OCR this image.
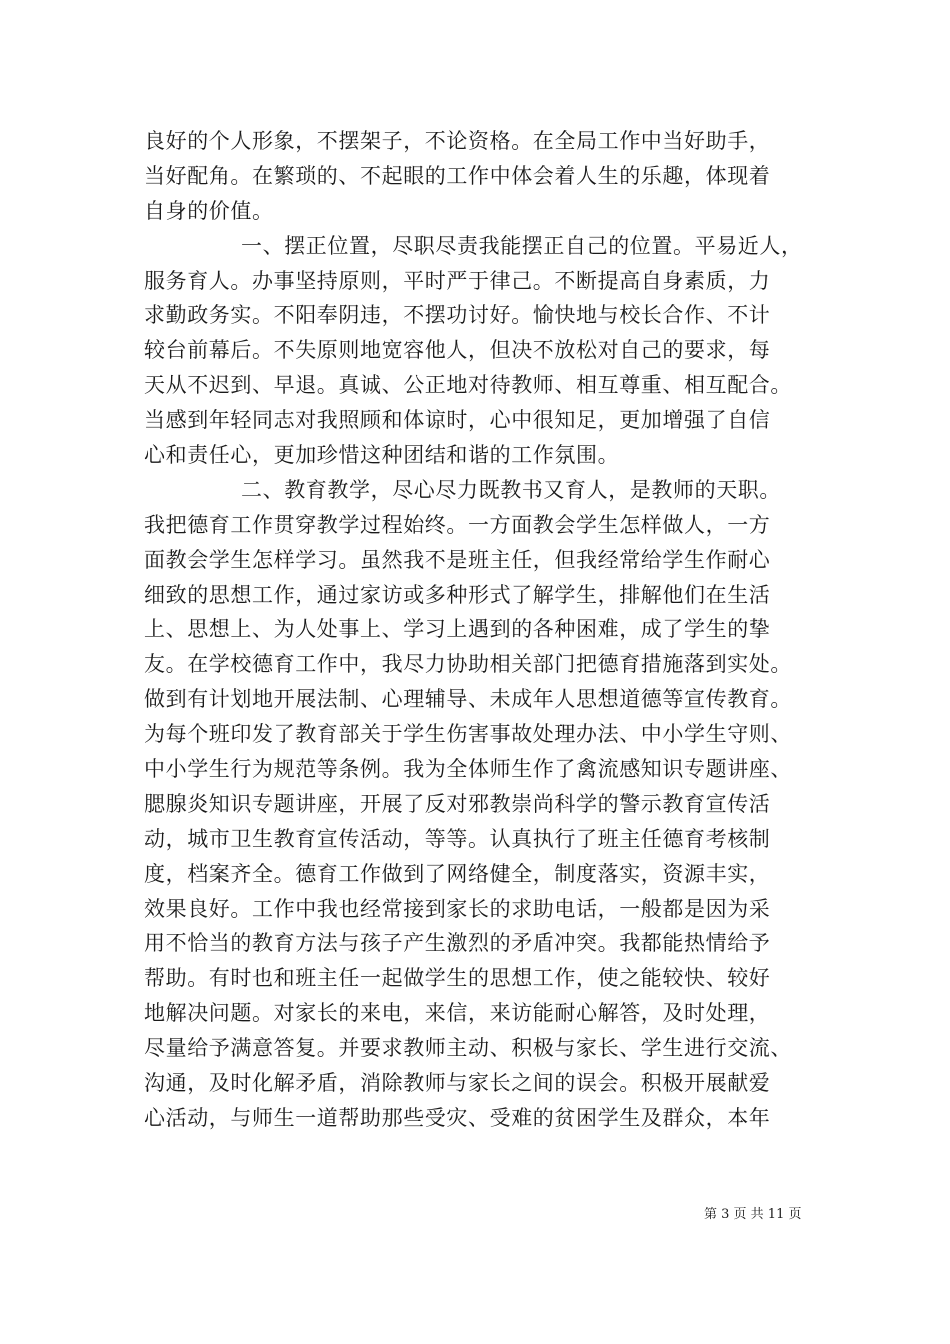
良好的个人形象，不摆架子，不论资格。在全局工作中当好助手，
当好配角。在繁琐的、不起眼的工作中体会着人生的乐趣，体现着
自身的价值。
一、摆正位置，尽职尽责我能摆正自己的位置。平易近人，
服务育人。办事坚持原则，平时严于律己。不断提高自身素质，力
求勤政务实。不阳奉阴违，不摆功讨好。愉快地与校长合作、不计
较台前幕后。不失原则地宽容他人，但决不放松对自己的要求，每
天从不迟到、早退。真诚、公正地对待教师、相互尊重、相互配合。
当感到年轻同志对我照顾和体谅时，心中很知足，更加增强了自信
心和责任心，更加珍惜这种团结和谐的工作氛围。
二、教育教学，尽心尽力既教书又育人，是教师的天职。
我把德育工作贯穿教学过程始终。一方面教会学生怎样做人，一方
面教会学生怎样学习。虽然我不是班主任，但我经常给学生作耐心
细致的思想工作，通过家访或多种形式了解学生，排解他们在生活
上、思想上、为人处事上、学习上遇到的各种困难，成了学生的挚
友。在学校德育工作中，我尽力协助相关部门把德育措施落到实处。
做到有计划地开展法制、心理辅导、未成年人思想道德等宣传教育。
为每个班印发了教育部关于学生伤害事故处理办法、中小学生守则、
中小学生行为规范等条例。我为全体师生作了禽流感知识专题讲座、
腮腺炎知识专题讲座，开展了反对邪教崇尚科学的警示教育宣传活
动，城市卫生教育宣传活动，等等。认真执行了班主任德育考核制
度，档案齐全。德育工作做到了网络健全，制度落实，资源丰实，
效果良好。工作中我也经常接到家长的求助电话，一般都是因为采
用不恰当的教育方法与孩子产生激烈的矛盾冲突。我都能热情给予
帮助。有时也和班主任一起做学生的思想工作，使之能较快、较好
地解决问题。对家长的来电，来信，来访能耐心解答，及时处理，
尽量给予满意答复。并要求教师主动、积极与家长、学生进行交流、
沟通，及时化解矛盾，消除教师与家长之间的误会。积极开展献爱
心活动，与师生一道帮助那些受灾、受难的贫困学生及群众，本年
第 3 页 共 11 页
